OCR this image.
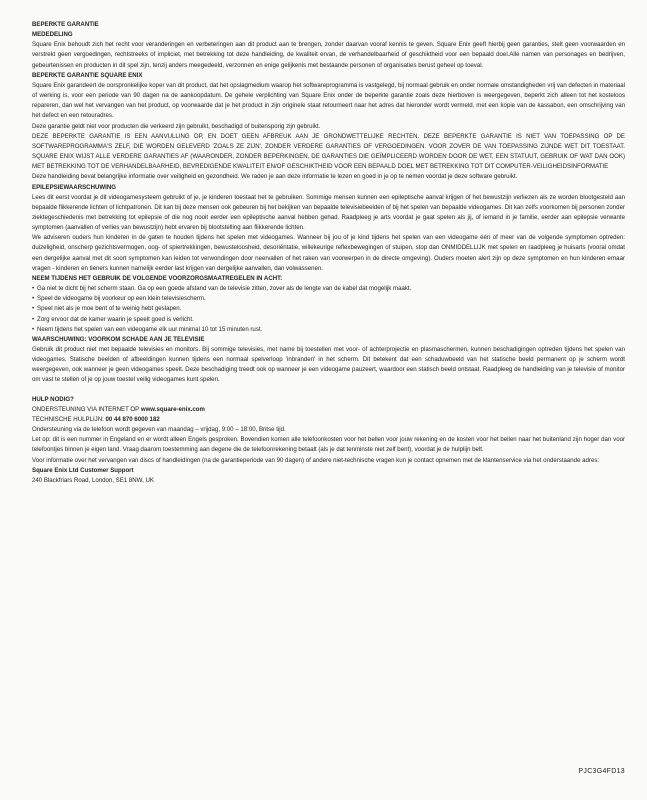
BEPERKTE GARANTIE

MEDEDELING

Square Enix behoudt zich het recht voor veranderingen en verbeteringen aan dit product aan te brengen, zonder daarvan vooraf kennis te geven. Square Enix geeft hierbij geen garanties, stelt geen voorwaarden en verstrekt geen vergoedingen, rechtstreeks of impliciet, met betrekking tot deze handleiding, de kwaliteit ervan, de verhandelbaarheid of geschiktheid voor een bepaald doel.Alle namen van personages en bedrijven, gebeurtenissen en producten in dit spel zijn, tenzij anders meegedeeld, verzonnen en enige gelijkenis met bestaande personen of organisaties berust geheel op toeval.

BEPERKTE GARANTIE SQUARE ENIX

Square Enix garandeert de oorspronkelijke koper van dit product, dat het opslagmedium waarop het softwareprogramma is vastgelegd, bij normaal gebruik en onder normale omstandigheden vrij van defecten in materiaal of werking is, voor een periode van 90 dagen na de aankoopdatum. De gehele verplichting van Square Enix onder de beperkte garantie zoals deze hierboven is weergegeven, beperkt zich alleen tot het kosteloos repareren, dan wel het vervangen van het product, op voorwaarde dat je het product in zijn originele staat retourneert naar het adres dat hieronder wordt vermeld, met een kopie van de kassabon, een omschrijving van het defect en een retouradres.

Deze garantie geldt niet voor producten die verkeerd zijn gebruikt, beschadigd of buitensporig zijn gebruikt.

DEZE BEPERKTE GARANTIE IS EEN AANVULLING OP, EN DOET GEEN AFBREUK AAN JE GRONDWETTELIJKE RECHTEN. DEZE BEPERKTE GARANTIE IS NIET VAN TOEPASSING OP DE SOFTWAREPROGRAMMA'S ZELF, DIE WORDEN GELEVERD 'ZOALS ZE ZIJN', ZONDER VERDERE GARANTIES OF VERGOEDINGEN. VOOR ZOVER DE VAN TOEPASSING ZIJNDE WET DIT TOESTAAT. SQUARE ENIX WIJST ALLE VERDERE GARANTIES AF (WAARONDER, ZONDER BEPERKINGEN, DE GARANTIES DIE GEÏMPLICEERD WORDEN DOOR DE WET, EEN STATUUT, GEBRUIK OF WAT DAN OOK) MET BETREKKING TOT DE VERHANDELBAARHEID, BEVREDIGENDE KWALITEIT EN/OF GESCHIKTHEID VOOR EEN BEPAALD DOEL MET BETREKKING TOT DIT COMPUTER-VEILIGHEIDSINFORMATIE

Deze handleiding bevat belangrijke informatie over veiligheid en gezondheid. We raden je aan deze informatie te lezen en goed in je op te nemen voordat je deze software gebruikt.

EPILEPSIEWAARSCHUWING

Lees dit eerst voordat je dit videogamesysteem gebruikt of je, je kinderen toestaat het te gebruiken. Sommige mensen kunnen een epileptische aanval krijgen of het bewustzijn verliezen als ze worden blootgesteld aan bepaalde flikkerende lichten of lichtpatronen. Dit kan bij deze mensen ook gebeuren bij het bekijken van bepaalde televisiebeelden of bij het spelen van bepaalde videogames. Dit kan zelfs voorkomen bij personen zonder ziektegeschiedenis met betrekking tot epilepsie of die nog nooit eerder een epileptische aanval hebben gehad. Raadpleeg je arts voordat je gaat spelen als jij, of iemand in je familie, eerder aan epilepsie verwante symptomen (aanvallen of verlies van bewustzijn) hebt ervaren bij blootstelling aan flikkerende lichten.

We adviseren ouders hun kinderen in de gaten te houden tijdens het spelen met videogames. Wanneer bij jou of je kind tijdens het spelen van een videogame één of meer van de volgende symptomen optreden: duizeligheid, onscherp gezichtsvermogen, oog- of spiertrekkingen, bewusteloosheid, desoriëntatie, willekeurige reflexbewegingen of stuipen, stop dan ONMIDDELLIJK met spelen en raadpleeg je huisarts (vooral omdat een dergelijke aanval met dit soort symptomen kan leiden tot verwondingen door neervallen of het raken van voorwerpen in de directe omgeving). Ouders moeten alert zijn op deze symptomen en hun kinderen ernaar vragen - kinderen en tieners kunnen namelijk eerder last krijgen van dergelijke aanvallen, dan volwassenen.

NEEM TIJDENS HET GEBRUIK DE VOLGENDE VOORZORGSMAATREGELEN IN ACHT:

• Ga niet te dicht bij het scherm staan. Ga op een goede afstand van de televisie zitten, zover als de lengte van de kabel dat mogelijk maakt.
• Speel de videogame bij voorkeur op een klein televisiescherm.
• Speel niet als je moe bent of te weinig hebt geslapen.
• Zorg ervoor dat de kamer waarin je speelt goed is verlicht.
• Neem tijdens het spelen van een videogame elk uur minimal 10 tot 15 minuten rust.

WAARSCHUWING: VOORKOM SCHADE AAN JE TELEVISIE

Gebruik dit product niet met bepaalde televisies en monitors. Bij sommige televisies, met name bij toestellen met voor- of achterprojectie en plasmaschermen, kunnen beschadigingen optreden tijdens het spelen van videogames. Statische beelden of afbeeldingen kunnen tijdens een normaal spelverloop 'inbranden' in het scherm. Dit betekent dat een schaduwbeeld van het statische beeld permanent op je scherm wordt weergegeven, ook wanneer je geen videogames speelt. Deze beschadiging treedt ook op wanneer je een videogame pauzeert, waardoor een statisch beeld ontstaat. Raadpleeg de handleiding van je televisie of monitor om vast te stellen of je op jouw toestel veilig videogames kunt spelen.

HULP NODIG?

ONDERSTEUNING VIA INTERNET OP www.square-enix.com

TECHNISCHE HULPLIJN: 00 44 870 6000 182

Ondersteuning via de telefoon wordt gegeven van maandag – vrijdag, 9:00 – 18:00, Britse tijd.

Let op: dit is een nummer in Engeland en er wordt alleen Engels gesproken. Bovendien komen alle telefoonkosten voor het bellen voor jouw rekening en de kosten voor het bellen naar het buitenland zijn hoger dan voor telefoontjes binnen je eigen land. Vraag daarom toestemming aan degene die de telefoonrekening betaalt (als je dat tenminste niet zelf bent), voordat je de hulplijn belt.

Voor informatie over het vervangen van discs of handleidingen (na de garantieperiode van 90 dagen) of andere niet-technische vragen kun je contact opnemen met de klantenservice via het onderstaande adres:

Square Enix Ltd Customer Support

240 Blackfriars Road, London, SE1 8NW, UK

PJC3G4FD13
